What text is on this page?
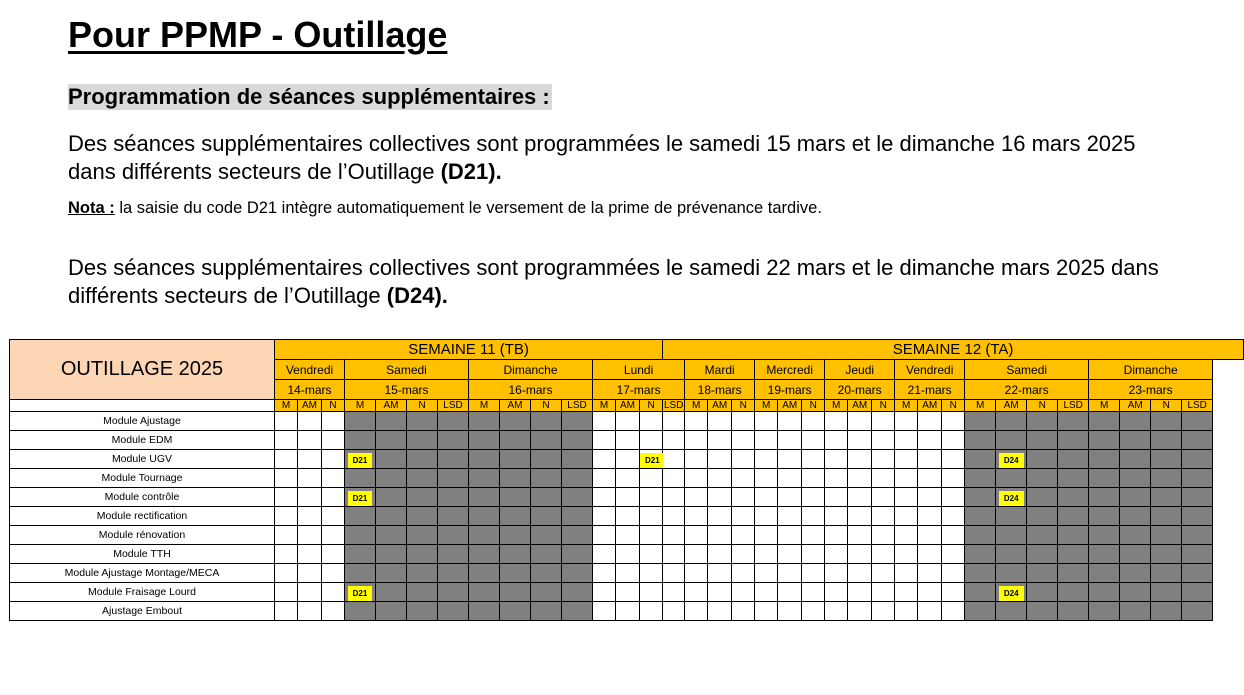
Pour PPMP - Outillage
Programmation de séances supplémentaires :

Des séances supplémentaires collectives sont programmées le samedi 15 mars et le dimanche 16 mars 2025 dans différents secteurs de l’Outillage (D21).

Nota : la saisie du code D21 intègre automatiquement le versement de la prime de prévenance tardive.

Des séances supplémentaires collectives sont programmées le samedi 22 mars et le dimanche mars 2025 dans différents secteurs de l’Outillage (D24).

OUTILLAGE 2025	SEMAINE 11 (TB)														SEMAINE 12 (TA)																				
	Vendredi			Samedi				Dimanche				Lundi				Mardi			Mercredi			Jeudi			Vendredi			Samedi				Dimanche			
	14-mars			15-mars				16-mars				17-mars				18-mars			19-mars			20-mars			21-mars			22-mars				23-mars			
	M	AM	N	M	AM	N	LSD	M	AM	N	LSD	M	AM	N	LSD	M	AM	N	M	AM	N	M	AM	N	M	AM	N	M	AM	N	LSD	M	AM	N	LSD
Module Ajustage																																			
Module EDM																																			
Module UGV				D21										D21															D24						
Module Tournage																																			
Module contrôle				D21																									D24						
Module rectification																																			
Module rénovation																																			
Module TTH																																			
Module Ajustage Montage/MECA																																			
Module Fraisage Lourd				D21																									D24						
Ajustage Embout																																			
